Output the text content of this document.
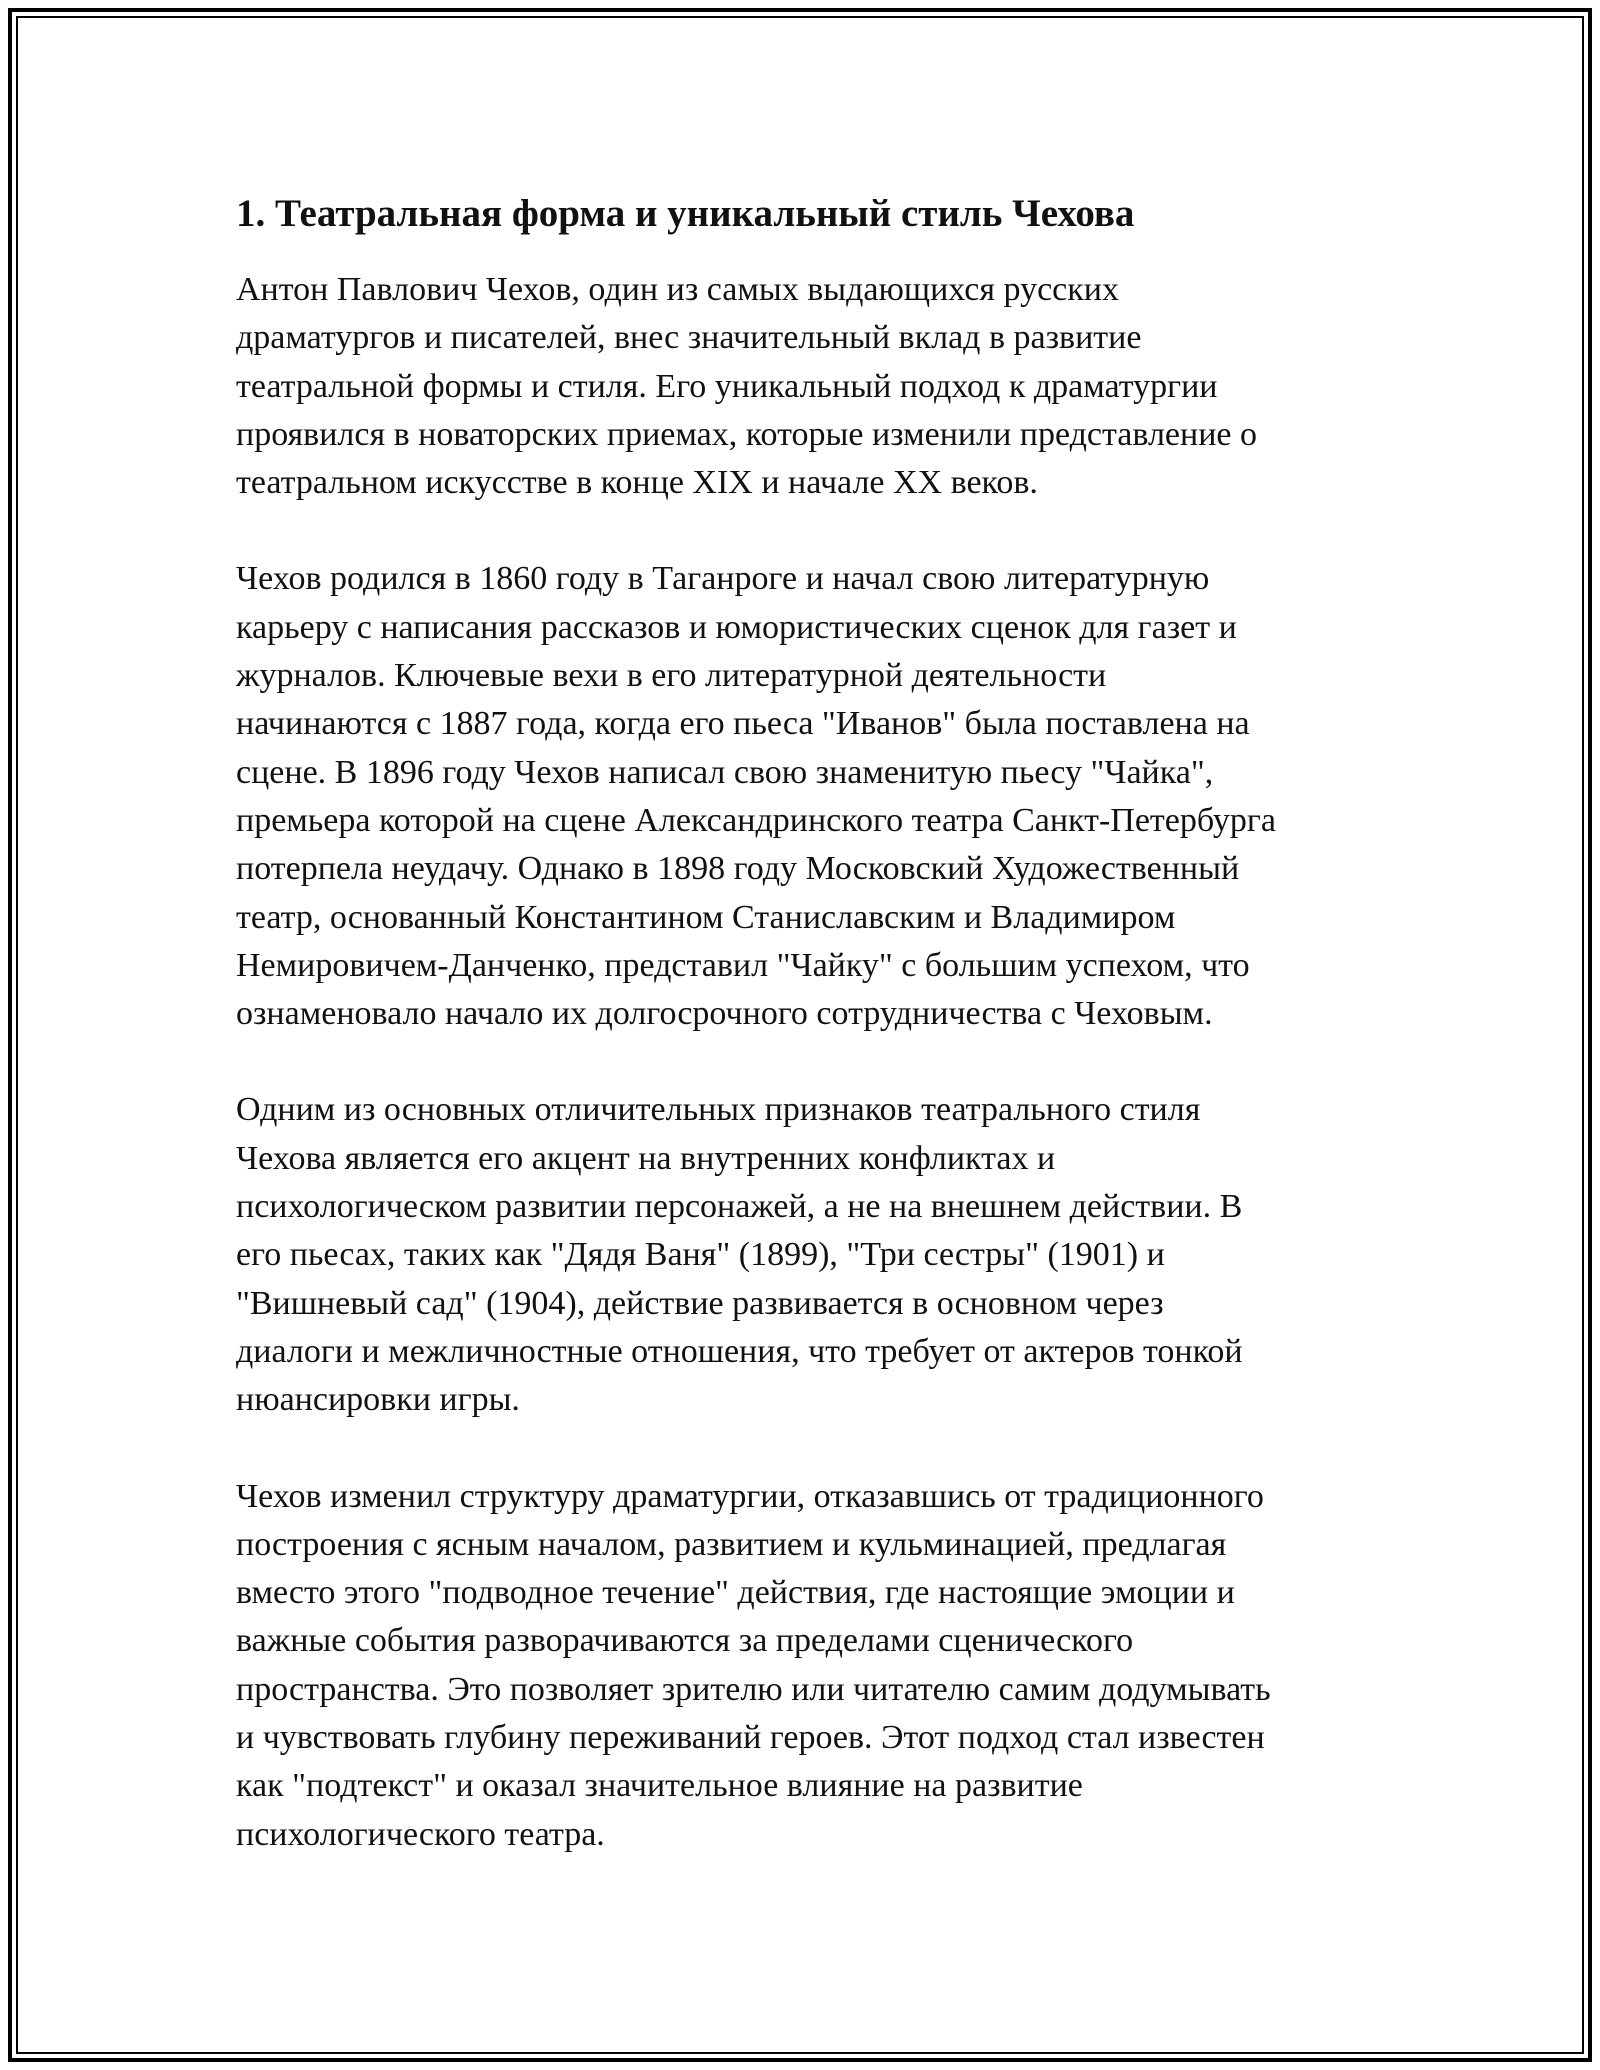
1. Театральная форма и уникальный стиль Чехова

Антон Павлович Чехов, один из самых выдающихся русских
драматургов и писателей, внес значительный вклад в развитие
театральной формы и стиля. Его уникальный подход к драматургии
проявился в новаторских приемах, которые изменили представление о
театральном искусстве в конце XIX и начале XX веков.

Чехов родился в 1860 году в Таганроге и начал свою литературную
карьеру с написания рассказов и юмористических сценок для газет и
журналов. Ключевые вехи в его литературной деятельности
начинаются с 1887 года, когда его пьеса "Иванов" была поставлена на
сцене. В 1896 году Чехов написал свою знаменитую пьесу "Чайка",
премьера которой на сцене Александринского театра Санкт-Петербурга
потерпела неудачу. Однако в 1898 году Московский Художественный
театр, основанный Константином Станиславским и Владимиром
Немировичем-Данченко, представил "Чайку" с большим успехом, что
ознаменовало начало их долгосрочного сотрудничества с Чеховым.

Одним из основных отличительных признаков театрального стиля
Чехова является его акцент на внутренних конфликтах и
психологическом развитии персонажей, а не на внешнем действии. В
его пьесах, таких как "Дядя Ваня" (1899), "Три сестры" (1901) и
"Вишневый сад" (1904), действие развивается в основном через
диалоги и межличностные отношения, что требует от актеров тонкой
нюансировки игры.

Чехов изменил структуру драматургии, отказавшись от традиционного
построения с ясным началом, развитием и кульминацией, предлагая
вместо этого "подводное течение" действия, где настоящие эмоции и
важные события разворачиваются за пределами сценического
пространства. Это позволяет зрителю или читателю самим додумывать
и чувствовать глубину переживаний героев. Этот подход стал известен
как "подтекст" и оказал значительное влияние на развитие
психологического театра.
